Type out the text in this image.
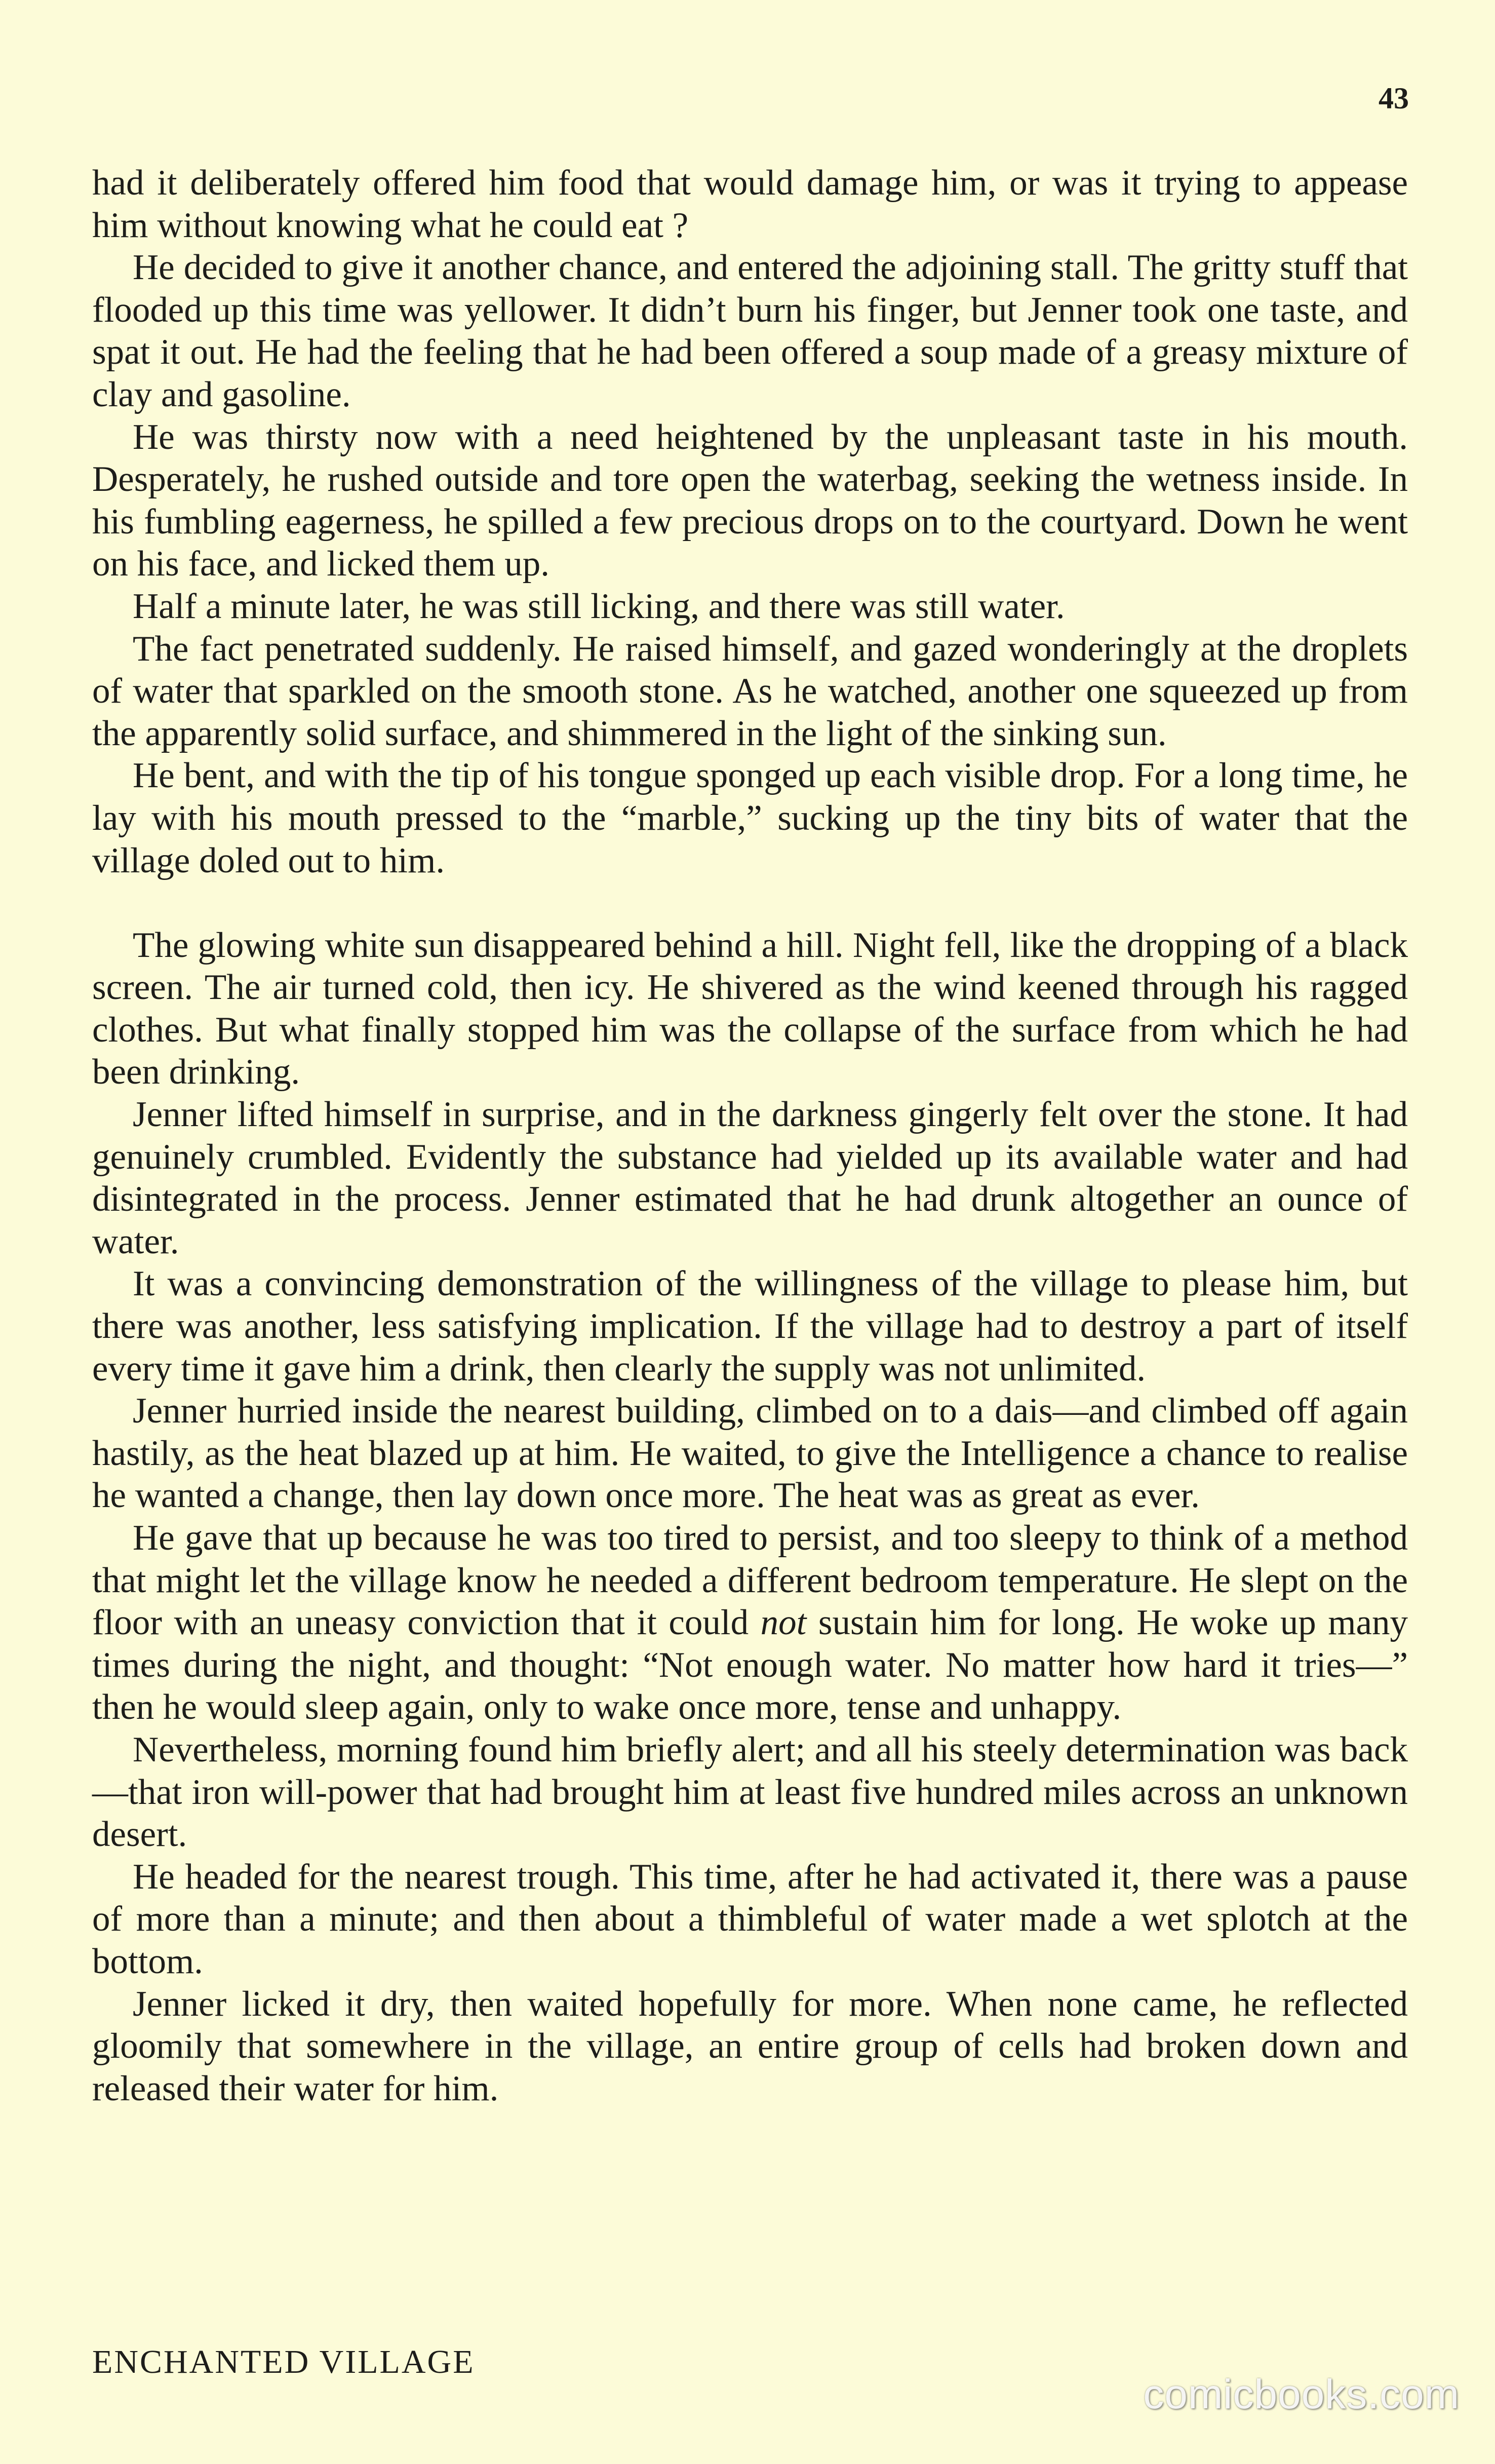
43

had it deliberately offered him food that would damage him, or was it trying to appease him without knowing what he could eat ?

He decided to give it another chance, and entered the adjoining stall. The gritty stuff that flooded up this time was yellower. It didn’t burn his finger, but Jenner took one taste, and spat it out. He had the feeling that he had been offered a soup made of a greasy mixture of clay and gasoline.

He was thirsty now with a need heightened by the unpleasant taste in his mouth. Desperately, he rushed outside and tore open the waterbag, seeking the wetness inside. In his fumbling eagerness, he spilled a few precious drops on to the courtyard. Down he went on his face, and licked them up.

Half a minute later, he was still licking, and there was still water.

The fact penetrated suddenly. He raised himself, and gazed wonderingly at the droplets of water that sparkled on the smooth stone. As he watched, another one squeezed up from the apparently solid surface, and shimmered in the light of the sinking sun.

He bent, and with the tip of his tongue sponged up each visible drop. For a long time, he lay with his mouth pressed to the “marble,” sucking up the tiny bits of water that the village doled out to him.

The glowing white sun disappeared behind a hill. Night fell, like the dropping of a black screen. The air turned cold, then icy. He shivered as the wind keened through his ragged clothes. But what finally stopped him was the collapse of the surface from which he had been drinking.

Jenner lifted himself in surprise, and in the darkness gingerly felt over the stone. It had genuinely crumbled. Evidently the substance had yielded up its available water and had disintegrated in the process. Jenner estimated that he had drunk altogether an ounce of water.

It was a convincing demonstration of the willingness of the village to please him, but there was another, less satisfying implication. If the village had to destroy a part of itself every time it gave him a drink, then clearly the supply was not unlimited.

Jenner hurried inside the nearest building, climbed on to a dais—and climbed off again hastily, as the heat blazed up at him. He waited, to give the Intelligence a chance to realise he wanted a change, then lay down once more. The heat was as great as ever.

He gave that up because he was too tired to persist, and too sleepy to think of a method that might let the village know he needed a different bedroom temperature. He slept on the floor with an uneasy conviction that it could not sustain him for long. He woke up many times during the night, and thought: “Not enough water. No matter how hard it tries—” then he would sleep again, only to wake once more, tense and unhappy.

Nevertheless, morning found him briefly alert; and all his steely determination was back—that iron will-power that had brought him at least five hundred miles across an unknown desert.

He headed for the nearest trough. This time, after he had activated it, there was a pause of more than a minute; and then about a thimbleful of water made a wet splotch at the bottom.

Jenner licked it dry, then waited hopefully for more. When none came, he reflected gloomily that somewhere in the village, an entire group of cells had broken down and released their water for him.

ENCHANTED VILLAGE
comicbooks.com
